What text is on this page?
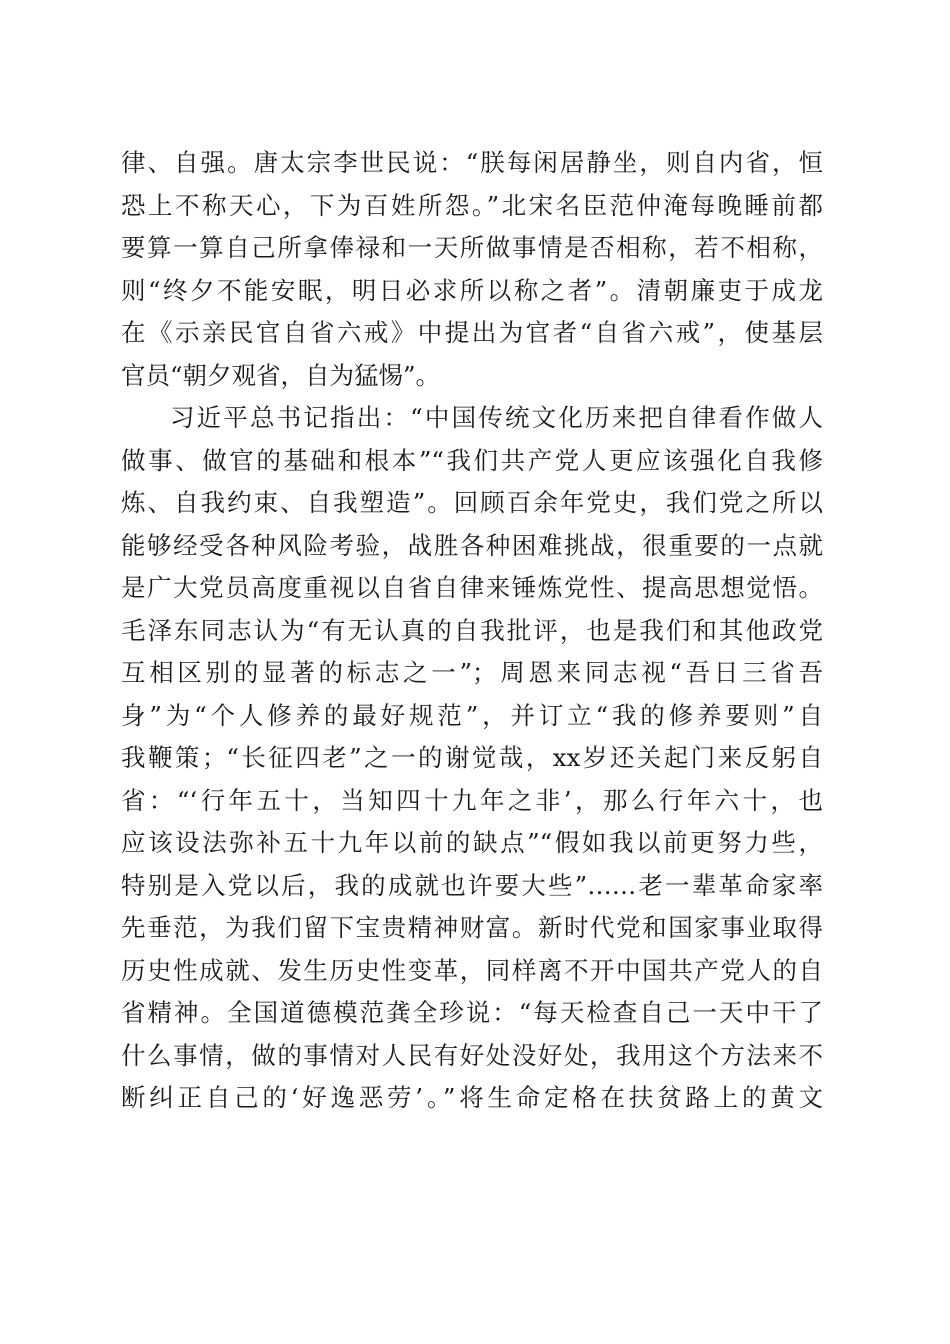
律、自强。唐太宗李世民说：“朕每闲居静坐，则自内省，恒
恐上不称天心，下为百姓所怨。”北宋名臣范仲淹每晚睡前都
要算一算自己所拿俸禄和一天所做事情是否相称，若不相称，
则“终夕不能安眠，明日必求所以称之者”。清朝廉吏于成龙
在《示亲民官自省六戒》中提出为官者“自省六戒”，使基层
官员“朝夕观省，自为猛惕”。
习近平总书记指出：“中国传统文化历来把自律看作做人
做事、做官的基础和根本”“我们共产党人更应该强化自我修
炼、自我约束、自我塑造”。回顾百余年党史，我们党之所以
能够经受各种风险考验，战胜各种困难挑战，很重要的一点就
是广大党员高度重视以自省自律来锤炼党性、提高思想觉悟。
毛泽东同志认为“有无认真的自我批评，也是我们和其他政党
互相区别的显著的标志之一”；周恩来同志视“吾日三省吾
身”为“个人修养的最好规范”，并订立“我的修养要则”自
我鞭策；“长征四老”之一的谢觉哉，xx岁还关起门来反躬自
省：“‘行年五十，当知四十九年之非’，那么行年六十，也
应该设法弥补五十九年以前的缺点”“假如我以前更努力些，
特别是入党以后，我的成就也许要大些”……老一辈革命家率
先垂范，为我们留下宝贵精神财富。新时代党和国家事业取得
历史性成就、发生历史性变革，同样离不开中国共产党人的自
省精神。全国道德模范龚全珍说：“每天检查自己一天中干了
什么事情，做的事情对人民有好处没好处，我用这个方法来不
断纠正自己的‘好逸恶劳’。”将生命定格在扶贫路上的黄文
